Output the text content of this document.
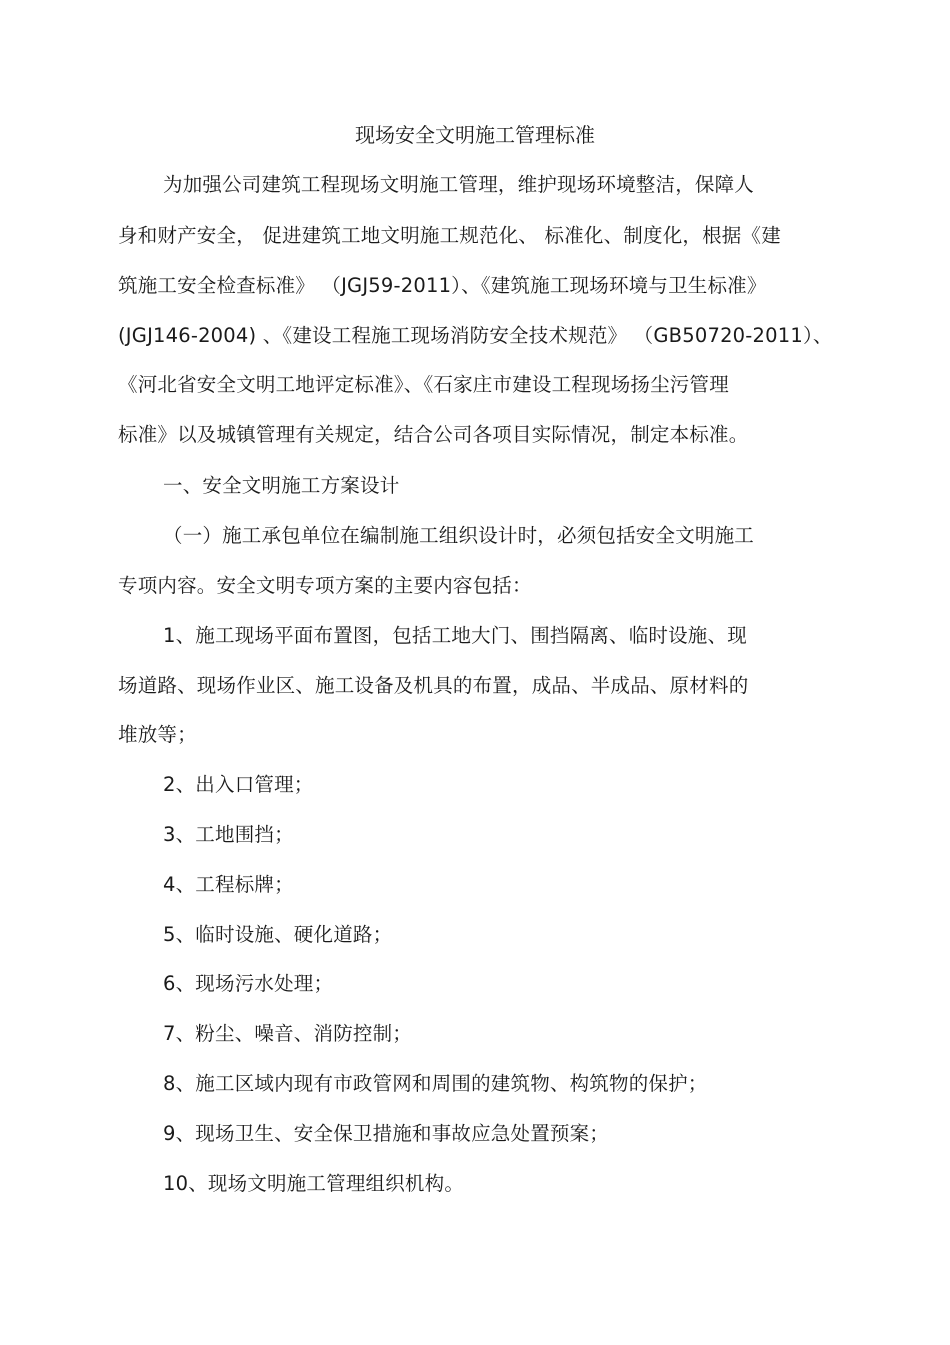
现场安全文明施工管理标准
为加强公司建筑工程现场文明施工管理，维护现场环境整洁，保障人
身和财产安全， 促进建筑工地文明施工规范化、 标准化、制度化，根据《建
筑施工安全检查标准》 （JGJ59-2011）、《建筑施工现场环境与卫生标准》
(JGJ146-2004) 、《建设工程施工现场消防安全技术规范》 （GB50720-2011）、
《河北省安全文明工地评定标准》、《石家庄市建设工程现场扬尘污管理
标准》以及城镇管理有关规定，结合公司各项目实际情况，制定本标准。
一、安全文明施工方案设计
（一）施工承包单位在编制施工组织设计时，必须包括安全文明施工
专项内容。安全文明专项方案的主要内容包括：
1、施工现场平面布置图，包括工地大门、围挡隔离、临时设施、现
场道路、现场作业区、施工设备及机具的布置，成品、半成品、原材料的
堆放等；
2、出入口管理；
3、工地围挡；
4、工程标牌；
5、临时设施、硬化道路；
6、现场污水处理；
7、粉尘、噪音、消防控制；
8、施工区域内现有市政管网和周围的建筑物、构筑物的保护；
9、现场卫生、安全保卫措施和事故应急处置预案；
10、现场文明施工管理组织机构。
